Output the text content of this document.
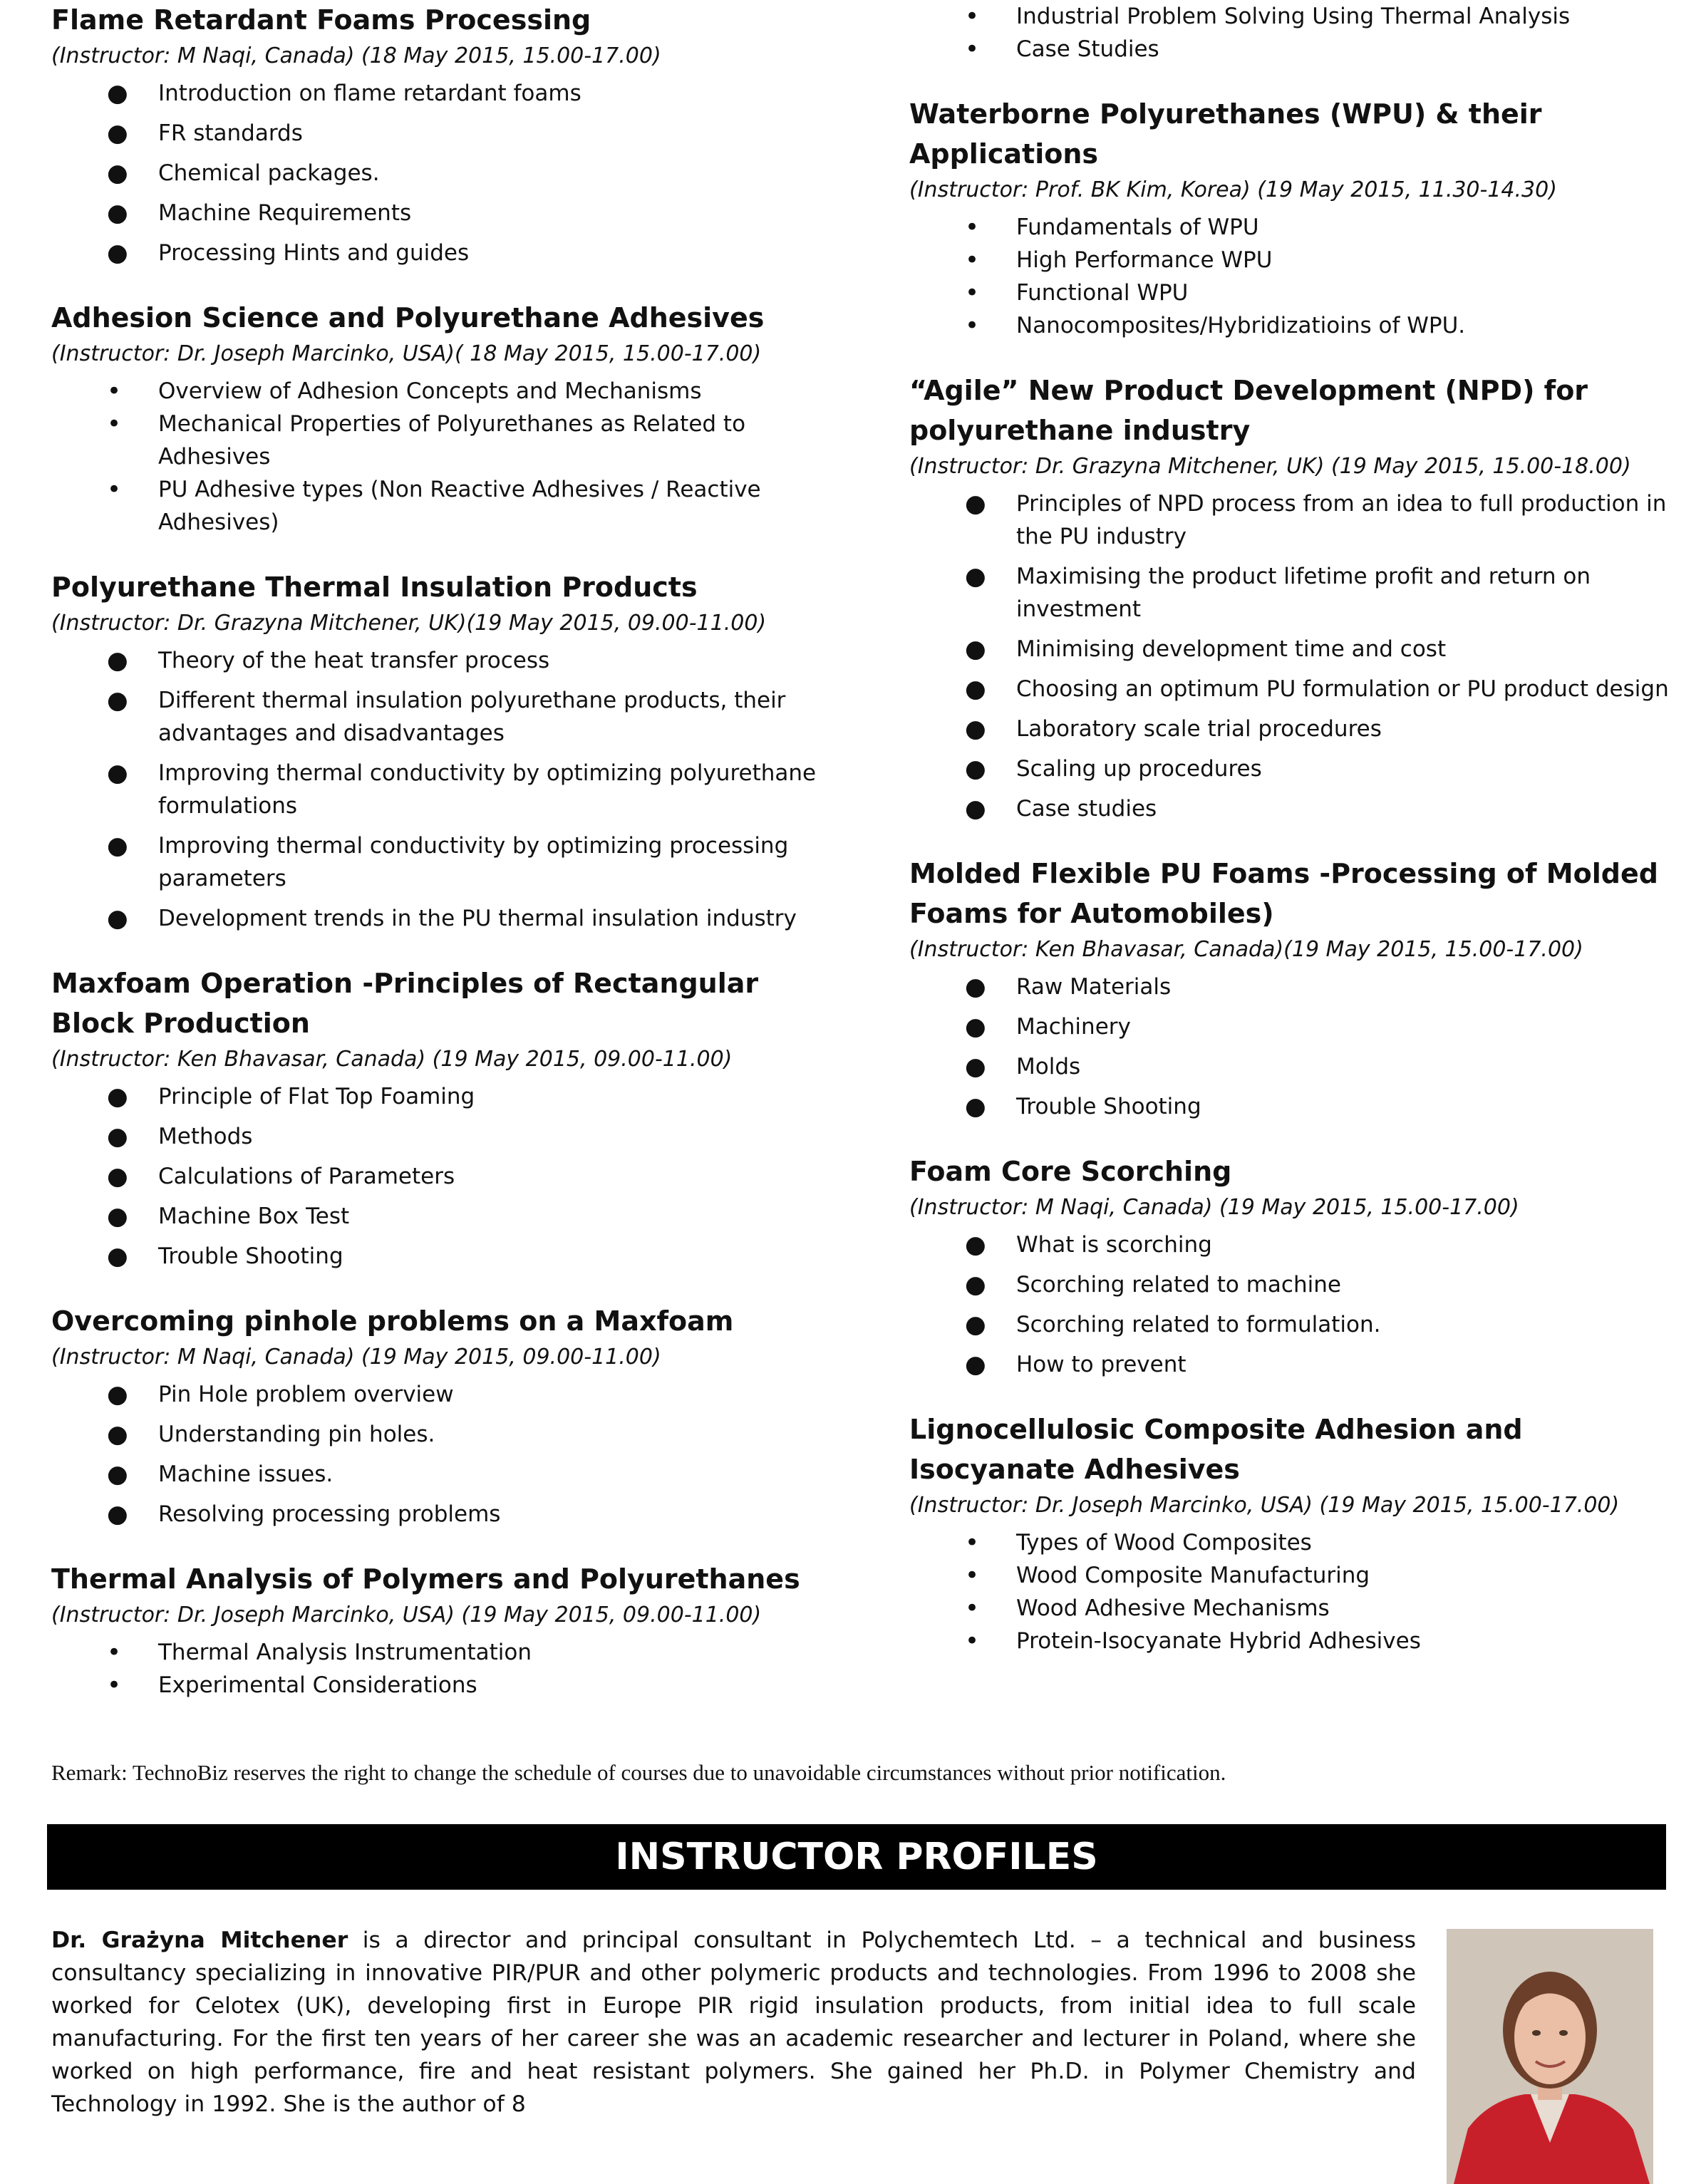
Flame Retardant Foams Processing

(Instructor: M Naqi, Canada) (18 May 2015, 15.00-17.00)

● Introduction on flame retardant foams
● FR standards
● Chemical packages.
● Machine Requirements
● Processing Hints and guides
Adhesion Science and Polyurethane Adhesives

(Instructor: Dr. Joseph Marcinko, USA)( 18 May 2015, 15.00-17.00)

• Overview of Adhesion Concepts and Mechanisms
• Mechanical Properties of Polyurethanes as Related to Adhesives
• PU Adhesive types (Non Reactive Adhesives / Reactive Adhesives)
Polyurethane Thermal Insulation Products

(Instructor: Dr. Grazyna Mitchener, UK)(19 May 2015, 09.00-11.00)

● Theory of the heat transfer process
● Different thermal insulation polyurethane products, their advantages and disadvantages
● Improving thermal conductivity by optimizing polyurethane formulations
● Improving thermal conductivity by optimizing processing parameters
● Development trends in the PU thermal insulation industry
Maxfoam Operation -Principles of Rectangular Block Production

(Instructor: Ken Bhavasar, Canada) (19 May 2015, 09.00-11.00)

● Principle of Flat Top Foaming
● Methods
● Calculations of Parameters
● Machine Box Test
● Trouble Shooting
Overcoming pinhole problems on a Maxfoam

(Instructor: M Naqi, Canada) (19 May 2015, 09.00-11.00)

● Pin Hole problem overview
● Understanding pin holes.
● Machine issues.
● Resolving processing problems
Thermal Analysis of Polymers and Polyurethanes

(Instructor: Dr. Joseph Marcinko, USA) (19 May 2015, 09.00-11.00)

• Thermal Analysis Instrumentation
• Experimental Considerations
• Industrial Problem Solving Using Thermal Analysis
• Case Studies
Waterborne Polyurethanes (WPU) & their Applications

(Instructor: Prof. BK Kim, Korea) (19 May 2015, 11.30-14.30)

• Fundamentals of WPU
• High Performance WPU
• Functional WPU
• Nanocomposites/Hybridizatioins of WPU.
“Agile” New Product Development (NPD) for polyurethane industry

(Instructor: Dr. Grazyna Mitchener, UK) (19 May 2015, 15.00-18.00)

● Principles of NPD process from an idea to full production in the PU industry
● Maximising the product lifetime profit and return on investment
● Minimising development time and cost
● Choosing an optimum PU formulation or PU product design
● Laboratory scale trial procedures
● Scaling up procedures
● Case studies
Molded Flexible PU Foams -Processing of Molded Foams for Automobiles)

(Instructor: Ken Bhavasar, Canada)(19 May 2015, 15.00-17.00)

● Raw Materials
● Machinery
● Molds
● Trouble Shooting
Foam Core Scorching

(Instructor: M Naqi, Canada) (19 May 2015, 15.00-17.00)

● What is scorching
● Scorching related to machine
● Scorching related to formulation.
● How to prevent
Lignocellulosic Composite Adhesion and Isocyanate Adhesives

(Instructor: Dr. Joseph Marcinko, USA) (19 May 2015, 15.00-17.00)

• Types of Wood Composites
• Wood Composite Manufacturing
• Wood Adhesive Mechanisms
• Protein-Isocyanate Hybrid Adhesives
Remark: TechnoBiz reserves the right to change the schedule of courses due to unavoidable circumstances without prior notification.
INSTRUCTOR PROFILES
Dr. Grażyna Mitchener is a director and principal consultant in Polychemtech Ltd. – a technical and business consultancy specializing in innovative PIR/PUR and other polymeric products and technologies. From 1996 to 2008 she worked for Celotex (UK), developing first in Europe PIR rigid insulation products, from initial idea to full scale manufacturing. For the first ten years of her career she was an academic researcher and lecturer in Poland, where she worked on high performance, fire and heat resistant polymers. She gained her Ph.D. in Polymer Chemistry and Technology in 1992. She is the author of 8
